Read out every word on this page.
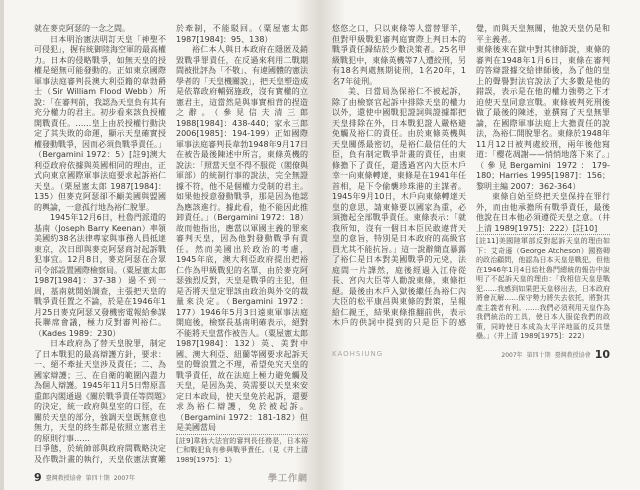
就在麥克阿瑟的一念之間。

日本明治憲法明訂天皇「神聖不可侵犯」，握有統御陸海空軍的最高權力。日本的侵略戰爭，如無天皇的授權是絕無可能發動的。正如東京國際軍事法庭審判長澳大利亞籍的韋勃爵士（Sir William Flood Webb）所說：「在審判前，我認為天皇負有其有充分權力的君主。初步看來該負授權開戰責任。……皇上由於授權行動決定了其失敗的命運，顯示天皇確實授權發動戰爭，因而必須負戰爭責任。」（Bergamini 1972：5）[註9]澳大利亞政府依據與英國相同的理由，正式向東京國際軍事法庭要求起訴裕仁天皇。（栗屋憲太郎 1987[1984]：135）但麥克阿瑟卻不顧美國與盟國的輿論，一意孤行地為裕仁脫罪。

1945年12月6日，杜魯門派遣的基南（Joseph Barry Keenan）率領美國約38名法律專家與事務人員抵達東京，次日即與麥克阿瑟商討起訴戰犯事宜。12月8日，麥克阿瑟在合眾司令部設置國際檢察局。（粟屋憲太郎 1987[1984]：37-38）過不到一周，基南就開始調查，主張把天皇的戰爭責任置之不論，於是在1946年1月25日麥克阿瑟又發機密電報給參謀長聯席會議，極力反對審判裕仁。（Kades 1989：230）

日本政府為了替天皇脫罪，制定了日本戰犯的最高辯護方針，要求：一、絕不牽扯天皇涉及責任；二、為國家辯護；三、在自衛的範圍內盡力為個人辯護。1945年11月5日幣原喜重郎內閣通過《關於戰爭責任等問題》的決定，統一政府與皇室的口徑，在關於天皇的部分，強調天皇既無意也無力，天皇的終生都是依照立憲君主的原則行事……

日爭態，於統帥部與政府間戰略決定及作戰計畫的執行，天皇依憲法實難於牽制，不能駁回。（粟屋憲太郎 1987[1984]：95、138）

裕仁本人與日本政府在隱匿及銷毀戰爭罪責任，在反過來利用二戰期間被批評為「不敬」、有違國體的憲法學者的「天皇機關說」，把天皇塑造成是依靠政府輔弼施政，沒有實權的立憲君主，這當然是與事實相背的捏造之辭。（參見信夫清三郎 1988[1984]：438-440；家永三郎2006[1985]：194-199）正如國際軍事法庭審判長韋勃1948年9月17日在被告最後陳述中所言，東條英機的說法：「照當天皇不得不服從（閣僚與軍部）的統制行事的說法，完全無證據不符，他不是個權力受制的君主。如果他授意發動戰爭，那是因為他認為應該進行。據此看，他不能因此推卸責任。」（Bergamini 1972：18）故而他指出，應當以軍國主義的罪來審判天皇，因為他對發動戰爭有責任。然而美國出於政治的考慮，1945年底，澳大利亞政府提出把裕仁作為甲級戰犯的名單，由於麥克阿瑟強烈反對，天皇是戰爭的主犯，但是否將天皇定罪該由政治與外交的裁量來決定。（Bergamini 1972：177）1946年5月3日遠東軍事法庭開庭後，檢察長基南明確表示，絕對不能將天皇當作被告人。（粟屋憲太郎 1987[1984]：132）英、美對中國、澳大利亞、紐蘭等國要求起訴天皇的聲浪置之不理，希望免究天皇的戰爭責任，故在法庭上極力避免觸及天皇，是因為美、英需要以天皇來安定日本政局，使天皇免於起訴，還要求為裕仁辯護，免於被起訴。（Bergamini 1972：181-182）但是美國當局

[註9]韋勃大法官的審判長任務是，日本裕仁和戰犯負有參與戰爭責任。（見《井上清 1989[1975]：1》

9 臺灣教授協會 第四十期 2007年	學工作網

悠悠之口，只以東條等人當替罪羊，但對甲級戰犯審判庭實際上判日本的戰爭責任歸結於少數決策者。25名甲級戰犯中，東條英機等7人遭絞刑，另有18名判處無期徒刑，1名20年，1名7年徒刑。

美、日當局為保裕仁不被起訴，除了由檢察官起訴中排除天皇的權力以外，還使中國戰犯證詞與證據都把天皇排除在外，日本戰犯證人嚴格避免觸及裕仁的責任。由於東條英機與天皇關係最密切，是裕仁最信任的大臣，負有制定戰爭計畫的責任，由東條擔下了責任，還透過宮內大臣木戶幸一向東條轉達，東條是在1941年任首相，是下令偷襲珍珠港的主謀者。1945年9月10日，木戶向東條轉達天皇的意思，請東條要以國家為重，必須擔起全部戰爭責任。東條表示：「就我所知，沒有一個日本臣民敢違背天皇的意旨，特別是日本政府的高級官員尤其不能抗旨。」這一說辭簡直暴露了裕仁是日本對美國戰爭的元兇，法庭間一片譁然，庭後經過入江侍從長、宮內大臣等人勸說東條，東條拒絕。最後由木戶入獄後繼任為裕仁內大臣的松平康昌與東條的對策，呈報給仁親王，結果東條推翻前供，表示木戶的供詞中提到的只是臣下的感覺，而與天皇無關，他說天皇仍是和平主義者。

東條後來在獄中對其律師說，東條的審判在1948年1月6日，東條在審判的答辯證據交給律師後，為了他的皇上的聲譽對法官說法了大多數是他的錯誤，表示是在他的權力強勢之下才迫使天皇同意宣戰。東條被判死刑後做了最後的陳述，並撰寫了天皇無罪論，在國際軍事法庭上大擔責任的說法，為裕仁開脫罪名。東條於1948年11月12日被判處絞刑，兩年後他寫道：「櫻花凋謝——悄悄地落下來了。」（參見Bergamini 1972：179-180；Harries 1995[1987]：156；黎明主編 2007：362-364）

東條自始至終把天皇保持在罪行外，而由他承擔所有戰爭責任，最後他說在日本他必須遵從天皇之意。（井上清 1989[1975]：222）[註10]

[註11]美國陸軍部反對起訴天皇的理由如下：艾奇遜（George Atcheson）國務卿的政治顧問，他認為日本天皇是戰犯，但他在1946年1月4日給杜魯門總統的報告中說明了不起訴天皇的理由：「我相信天皇是戰犯……我感到如果把天皇移出去，日本政府將會瓦解……保守勢力將失去依托，將對共產主義者有利。……我們必須利用天皇作為我們統治的工具，使日本人服從我們的政策，同時使日本成為太平洋地區的反共堡壘。」（井上清 1989[1975]：222）

KAOHSIUNG	2007年 第四十期 臺灣教授協會 10
